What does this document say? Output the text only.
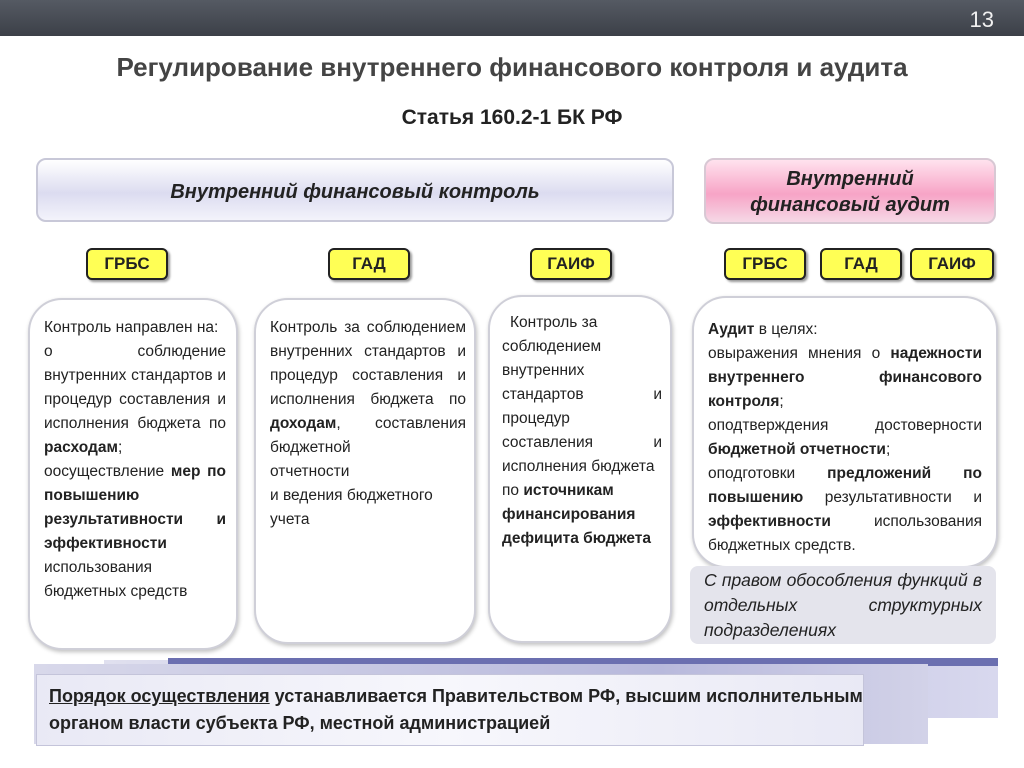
13
Регулирование внутреннего финансового контроля и аудита
Статья 160.2-1 БК РФ
Внутренний финансовый контроль
Внутренний
финансовый аудит
ГРБС	ГАД	ГАИФ	ГРБС	ГАД	ГАИФ
Контроль направлен на:
о соблюдение внутренних стандартов и процедур составления и исполнения бюджета по расходам;
оосуществление мер по повышению результативности и эффективности использования бюджетных средств
Контроль за соблюдением внутренних стандартов и процедур составления и исполнения бюджета по доходам, составления бюджетной
отчетности
и ведения бюджетного учета
Контроль за
соблюдением внутренних стандартов и процедур составления и исполнения бюджета
по источникам финансирования дефицита бюджета
Аудит в целях:
овыражения мнения о надежности внутреннего финансового контроля;
оподтверждения достоверности бюджетной отчетности;
оподготовки предложений по повышению результативности и эффективности использования бюджетных средств.
С правом обособления функций в отдельных структурных подразделениях
Порядок осуществления устанавливается Правительством РФ, высшим исполнительным органом власти субъекта РФ, местной администрацией
